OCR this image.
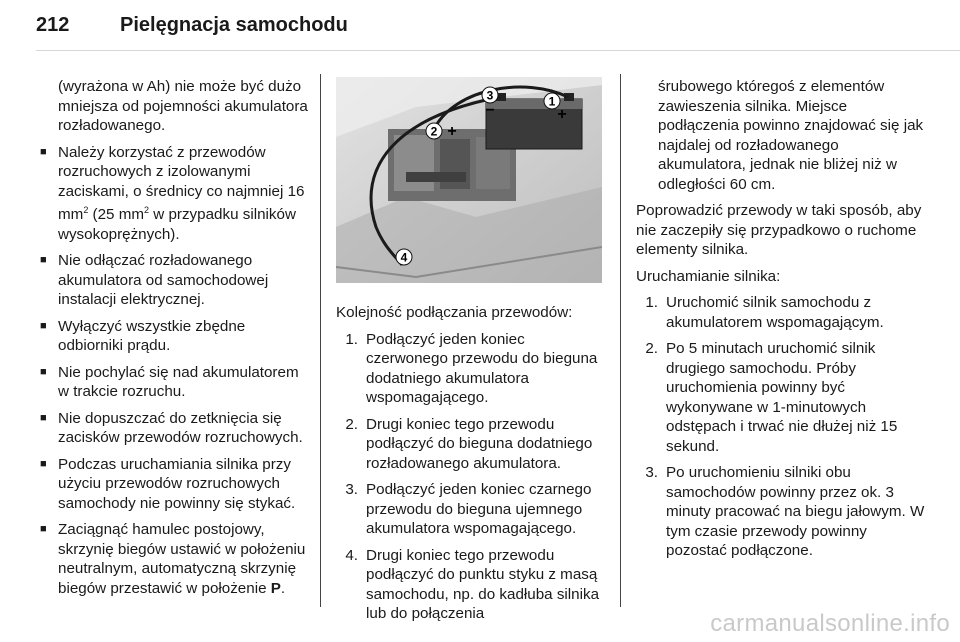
212	Pielęgnacja samochodu

(wyrażona w Ah) nie może być dużo mniejsza od pojemności akumulatora rozładowanego.

■ Należy korzystać z przewodów rozruchowych z izolowanymi zaciskami, o średnicy co najmniej 16 $mm^2$ (25 $mm^2$ w przypadku silników wysokoprężnych).
■ Nie odłączać rozładowanego akumulatora od samochodowej instalacji elektrycznej.
■ Wyłączyć wszystkie zbędne odbiorniki prądu.
■ Nie pochylać się nad akumulatorem w trakcie rozruchu.
■ Nie dopuszczać do zetknięcia się zacisków przewodów rozruchowych.
■ Podczas uruchamiania silnika przy użyciu przewodów rozruchowych samochody nie powinny się stykać.
■ Zaciągnąć hamulec postojowy, skrzynię biegów ustawić w położeniu neutralnym, automatyczną skrzynię biegów przestawić w położenie P.
1
+
3
−
2 +
4

Kolejność podłączania przewodów:

1. Podłączyć jeden koniec czerwonego przewodu do bieguna dodatniego akumulatora wspomagającego.
2. Drugi koniec tego przewodu podłączyć do bieguna dodatniego rozładowanego akumulatora.
3. Podłączyć jeden koniec czarnego przewodu do bieguna ujemnego akumulatora wspomagającego.
4. Drugi koniec tego przewodu podłączyć do punktu styku z masą samochodu, np. do kadłuba silnika lub do połączenia

śrubowego któregoś z elementów zawieszenia silnika. Miejsce podłączenia powinno znajdować się jak najdalej od rozładowanego akumulatora, jednak nie bliżej niż w odległości 60 cm.

Poprowadzić przewody w taki sposób, aby nie zaczepiły się przypadkowo o ruchome elementy silnika.

Uruchamianie silnika:

1. Uruchomić silnik samochodu z akumulatorem wspomagającym.
2. Po 5 minutach uruchomić silnik drugiego samochodu. Próby uruchomienia powinny być wykonywane w 1-minutowych odstępach i trwać nie dłużej niż 15 sekund.
3. Po uruchomieniu silniki obu samochodów powinny przez ok. 3 minuty pracować na biegu jałowym. W tym czasie przewody powinny pozostać podłączone.
carmanualsonline.info
